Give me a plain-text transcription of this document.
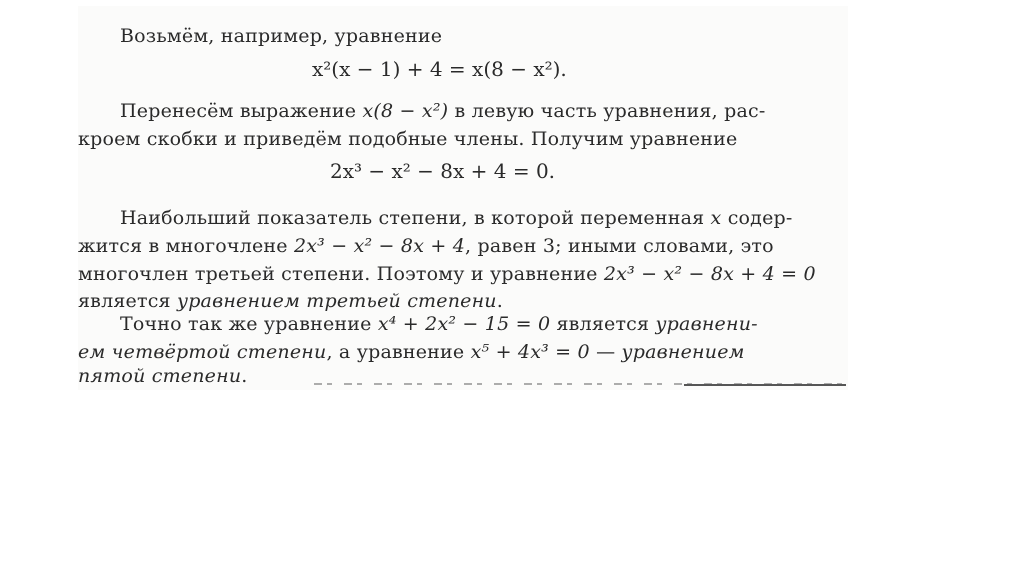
Возьмём, например, уравнение
x²(x − 1) + 4 = x(8 − x²).
Перенесём выражение x(8 − x²) в левую часть уравнения, рас-
кроем скобки и приведём подобные члены. Получим уравнение
2x³ − x² − 8x + 4 = 0.
Наибольший показатель степени, в которой переменная x содер-
жится в многочлене 2x³ − x² − 8x + 4, равен 3; иными словами, это
многочлен третьей степени. Поэтому и уравнение 2x³ − x² − 8x + 4 = 0
является уравнением третьей степени.
Точно так же уравнение x⁴ + 2x² − 15 = 0 является уравнени-
ем четвёртой степени, а уравнение x⁵ + 4x³ = 0 — уравнением
пятой степени.
